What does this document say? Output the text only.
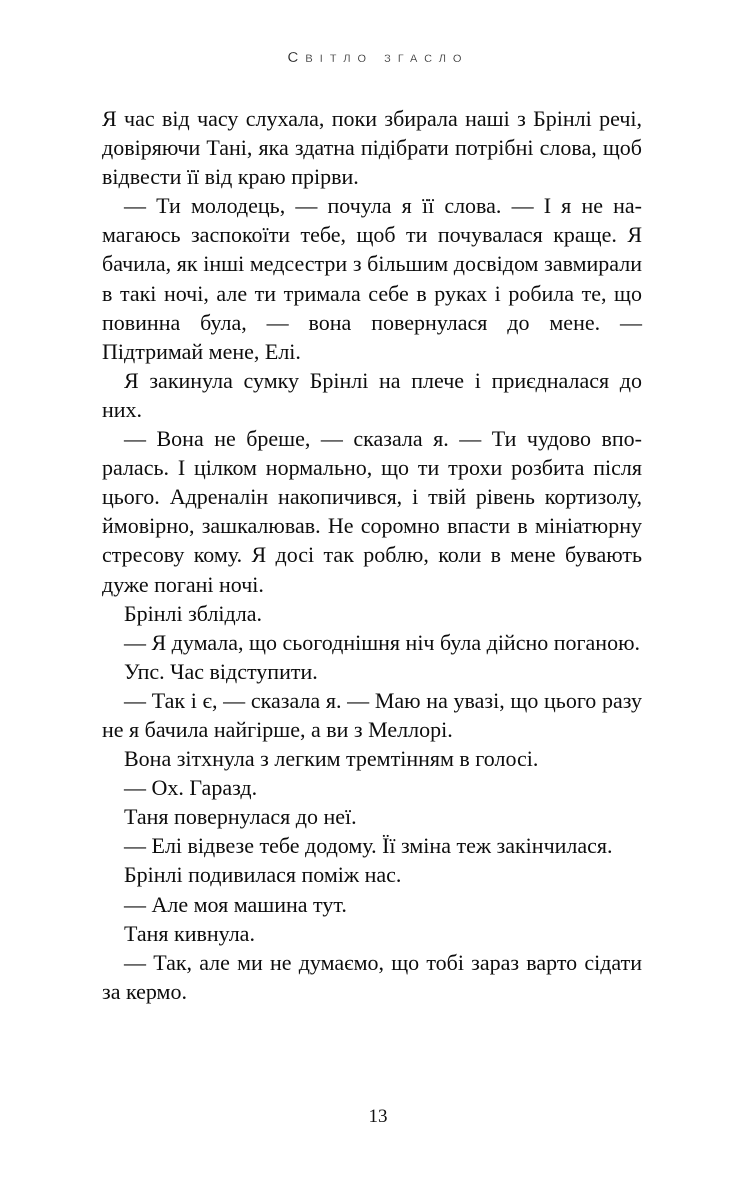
Світло згасло

Я час від часу слухала, поки збирала наші з Брінлі речі, довіряючи Тані, яка здатна підібрати потрібні слова, щоб відвести її від краю прірви.

— Ти молодець, — почула я її слова. — І я не намагаюсь заспокоїти тебе, щоб ти почувалася краще. Я бачила, як інші медсестри з більшим досвідом завмирали в такі ночі, але ти тримала себе в руках і робила те, що повинна була, — вона повернулася до мене. — Підтримай мене, Елі.

Я закинула сумку Брінлі на плече і приєдналася до них.

— Вона не бреше, — сказала я. — Ти чудово впоралась. І цілком нормально, що ти трохи розбита після цього. Адреналін накопичився, і твій рівень кортизолу, ймовірно, зашкалював. Не соромно впасти в мініатюрну стресову кому. Я досі так роблю, коли в мене бувають дуже погані ночі.

Брінлі зблідла.

— Я думала, що сьогоднішня ніч була дійсно поганою.

Упс. Час відступити.

— Так і є, — сказала я. — Маю на увазі, що цього разу не я бачила найгірше, а ви з Меллорі.

Вона зітхнула з легким тремтінням в голосі.

— Ох. Гаразд.

Таня повернулася до неї.

— Елі відвезе тебе додому. Її зміна теж закінчилася.

Брінлі подивилася поміж нас.

— Але моя машина тут.

Таня кивнула.

— Так, але ми не думаємо, що тобі зараз варто сідати за кермо.

13
